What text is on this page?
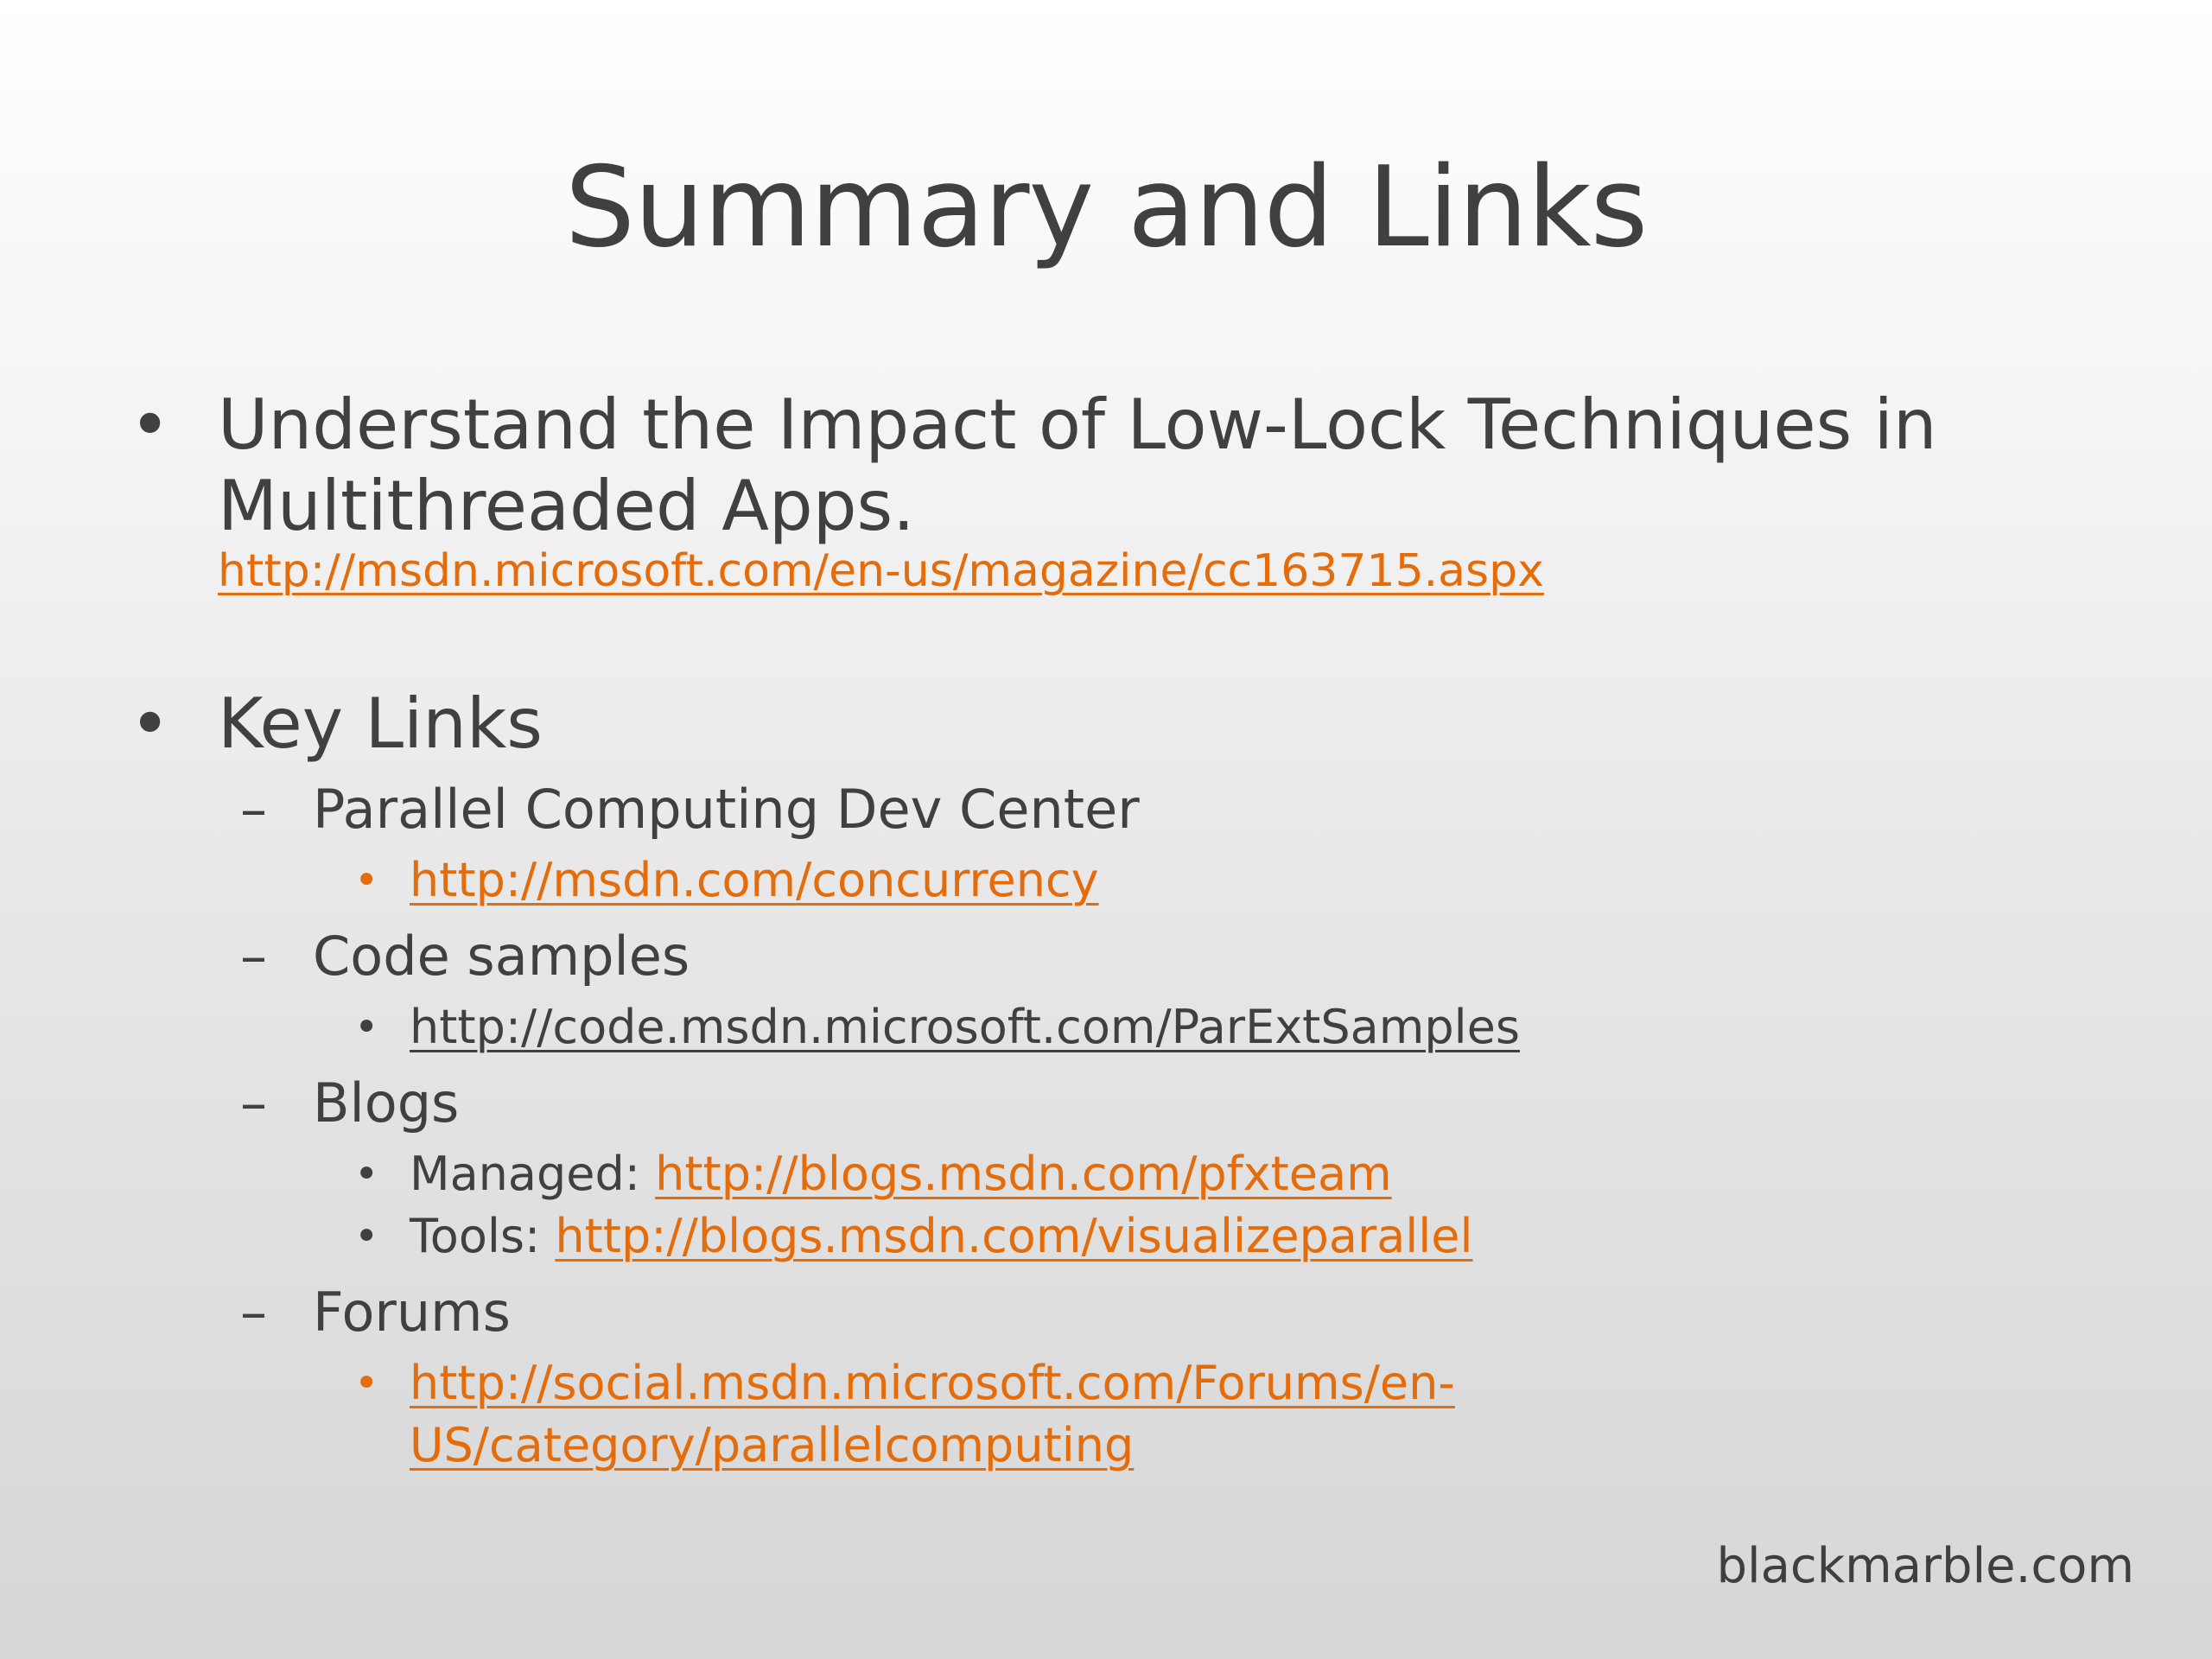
Summary and Links
• Understand the Impact of Low-Lock Techniques in Multithreaded Apps.
http://msdn.microsoft.com/en-us/magazine/cc163715.aspx
• Key Links
– Parallel Computing Dev Center
• http://msdn.com/concurrency
– Code samples
• http://code.msdn.microsoft.com/ParExtSamples
– Blogs
• Managed: http://blogs.msdn.com/pfxteam
• Tools: http://blogs.msdn.com/visualizeparallel
– Forums
• http://social.msdn.microsoft.com/Forums/en-US/category/parallelcomputing
blackmarble.com
